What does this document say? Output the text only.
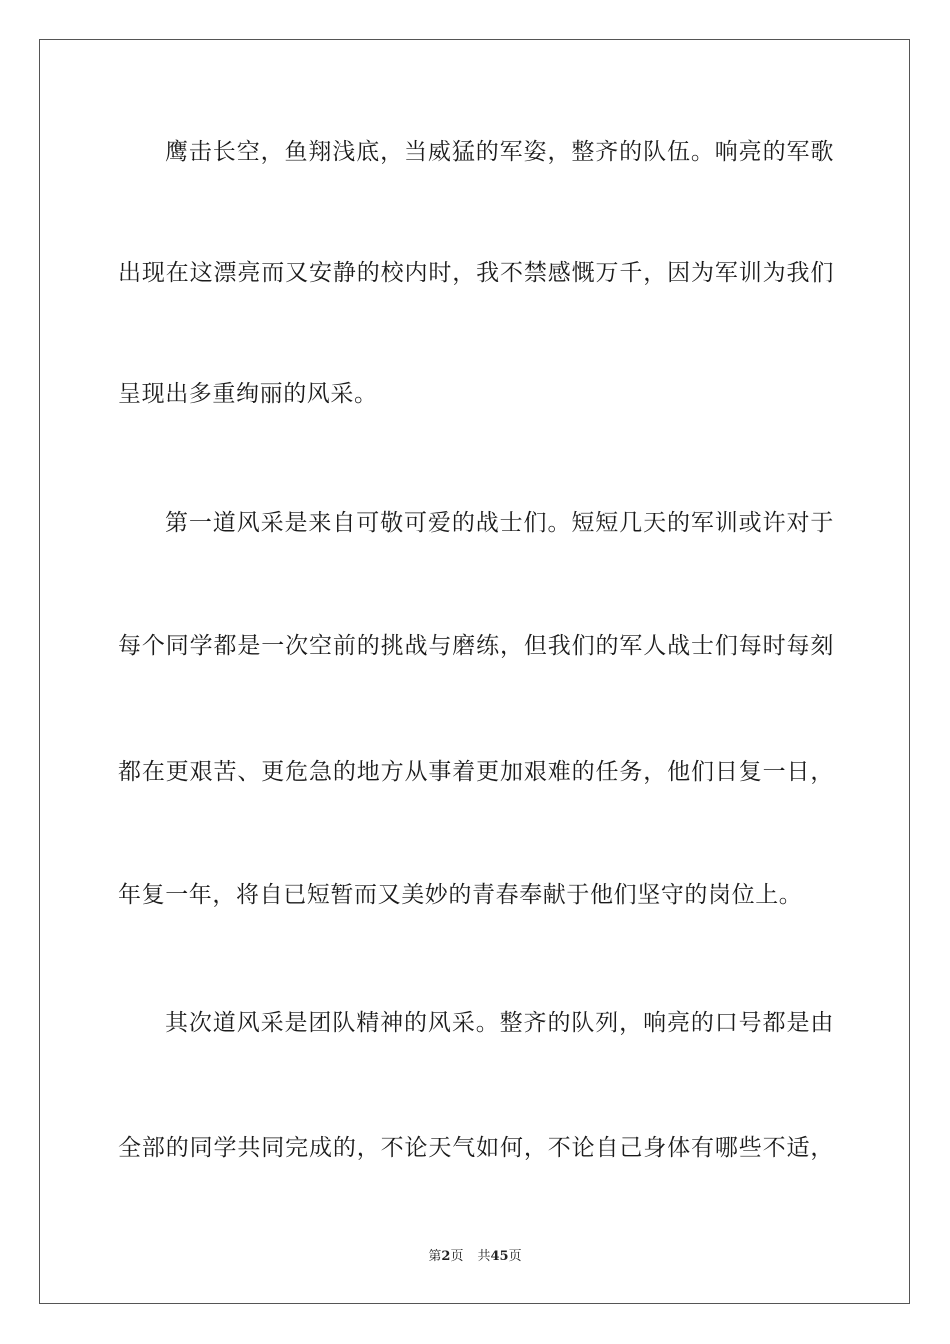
鹰击长空，鱼翔浅底，当威猛的军姿，整齐的队伍。响亮的军歌
出现在这漂亮而又安静的校内时，我不禁感慨万千，因为军训为我们
呈现出多重绚丽的风采。
第一道风采是来自可敬可爱的战士们。短短几天的军训或许对于
每个同学都是一次空前的挑战与磨练，但我们的军人战士们每时每刻
都在更艰苦、更危急的地方从事着更加艰难的任务，他们日复一日，
年复一年，将自已短暂而又美妙的青春奉献于他们坚守的岗位上。
其次道风采是团队精神的风采。整齐的队列，响亮的口号都是由
全部的同学共同完成的，不论天气如何，不论自己身体有哪些不适，
第2页 共45页
